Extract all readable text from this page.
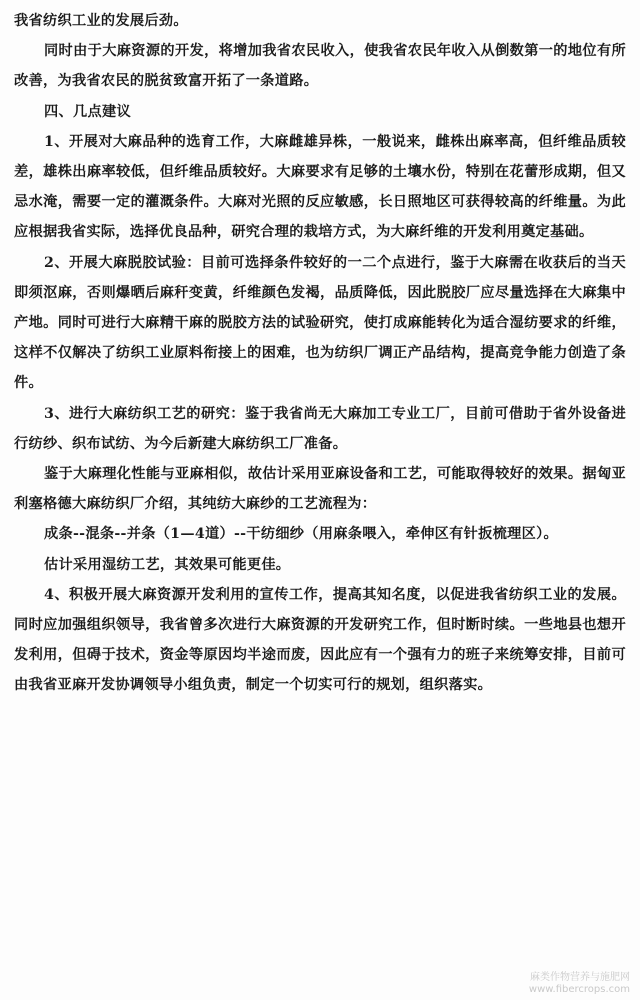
我省纺织工业的发展后劲。

同时由于大麻资源的开发，将增加我省农民收入，使我省农民年收入从倒数第一的地位有所改善，为我省农民的脱贫致富开拓了一条道路。

四、几点建议

1、开展对大麻品种的选育工作，大麻雌雄异株，一般说来，雌株出麻率高，但纤维品质较差，雄株出麻率较低，但纤维品质较好。大麻要求有足够的土壤水份，特别在花蕾形成期，但又忌水淹，需要一定的灌溉条件。大麻对光照的反应敏感，长日照地区可获得较高的纤维量。为此应根据我省实际，选择优良品种，研究合理的栽培方式，为大麻纤维的开发利用奠定基础。

2、开展大麻脱胶试验：目前可选择条件较好的一二个点进行，鉴于大麻需在收获后的当天即须沤麻，否则爆晒后麻秆变黄，纤维颜色发褐，品质降低，因此脱胶厂应尽量选择在大麻集中产地。同时可进行大麻精干麻的脱胶方法的试验研究，使打成麻能转化为适合湿纺要求的纤维，这样不仅解决了纺织工业原料衔接上的困难，也为纺织厂调正产品结构，提高竞争能力创造了条件。

3、进行大麻纺织工艺的研究：鉴于我省尚无大麻加工专业工厂，目前可借助于省外设备进行纺纱、织布试纺、为今后新建大麻纺织工厂准备。

鉴于大麻理化性能与亚麻相似，故估计采用亚麻设备和工艺，可能取得较好的效果。据匈亚利塞格德大麻纺织厂介绍，其纯纺大麻纱的工艺流程为：

成条--混条--并条（1—4道）--干纺细纱（用麻条喂入，牵伸区有针扳梳理区）。

估计采用湿纺工艺，其效果可能更佳。

4、积极开展大麻资源开发利用的宣传工作，提高其知名度，以促进我省纺织工业的发展。同时应加强组织领导，我省曾多次进行大麻资源的开发研究工作，但时断时续。一些地县也想开发利用，但碍于技术，资金等原因均半途而废，因此应有一个强有力的班子来统筹安排，目前可由我省亚麻开发协调领导小组负责，制定一个切实可行的规划，组织落实。

麻类作物营养与施肥网
www.fibercrops.com
